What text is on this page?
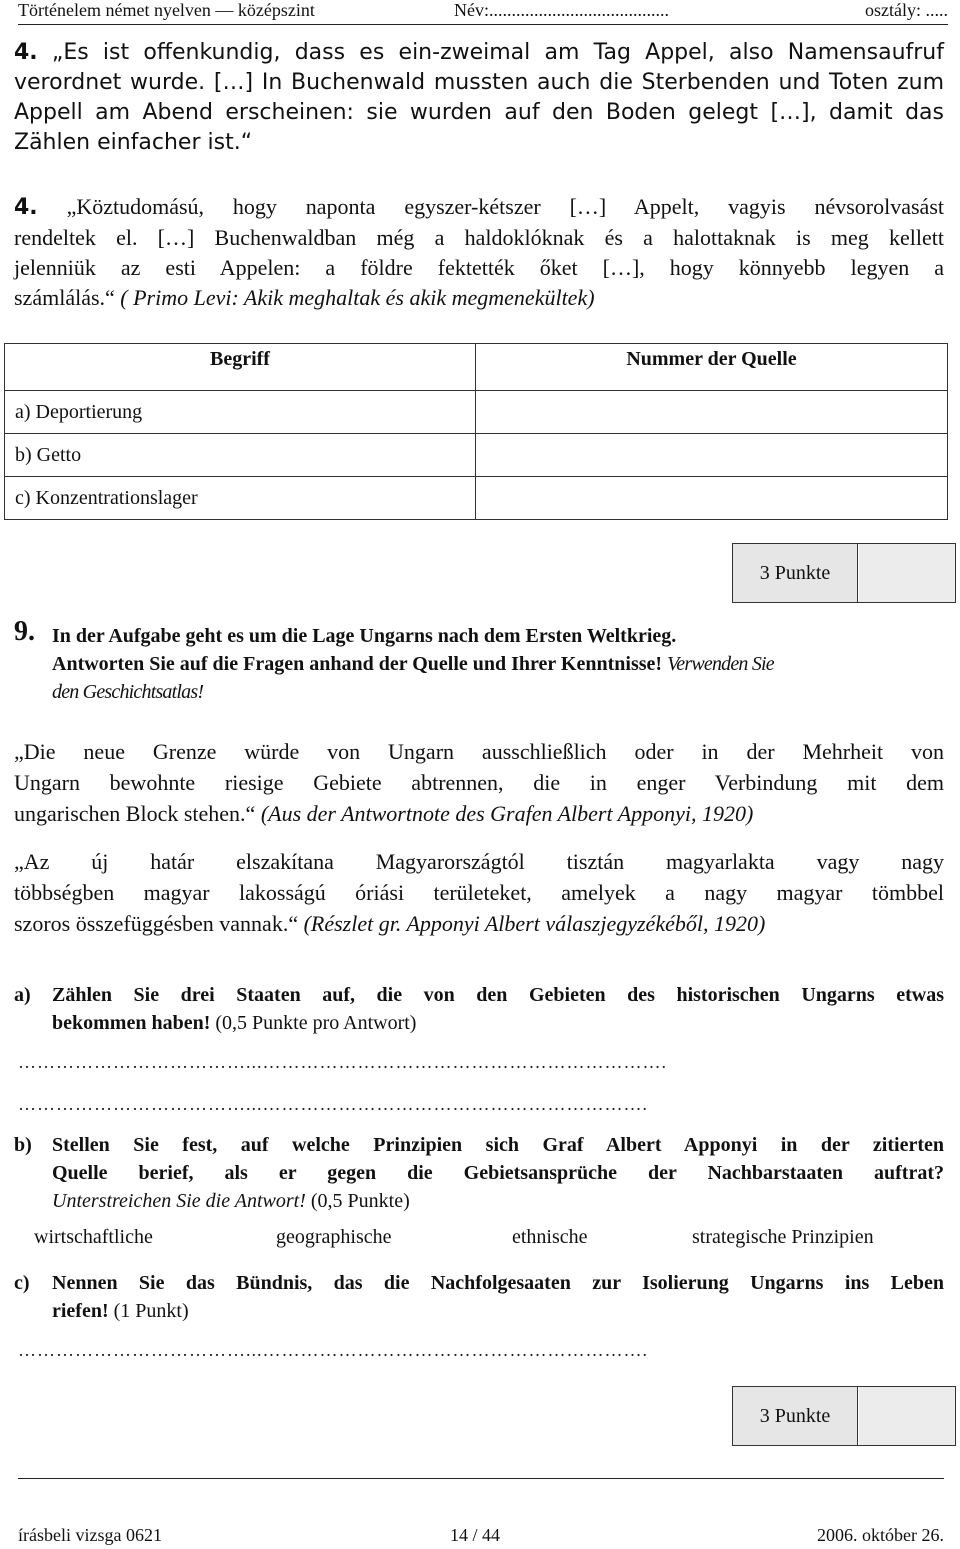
Történelem német nyelven — középszint	Név:........................................	osztály: .....
4. „Es ist offenkundig, dass es ein-zweimal am Tag Appel, also Namensaufruf
verordnet wurde. […] In Buchenwald mussten auch die Sterbenden und Toten zum
Appell am Abend erscheinen: sie wurden auf den Boden gelegt […], damit das
Zählen einfacher ist.“
4. „Köztudomású, hogy naponta egyszer-kétszer […] Appelt, vagyis névsorolvasást
rendeltek el. […] Buchenwaldban még a haldoklóknak és a halottaknak is meg kellett
jelenniük az esti Appelen: a földre fektették őket […], hogy könnyebb legyen a
számlálás.“ ( Primo Levi: Akik meghaltak és akik megmenekültek)
Begriff	Nummer der Quelle
a) Deportierung	
b) Getto	
c) Konzentrationslager	
3 Punkte
9. In der Aufgabe geht es um die Lage Ungarns nach dem Ersten Weltkrieg.
Antworten Sie auf die Fragen anhand der Quelle und Ihrer Kenntnisse! Verwenden Sie
den Geschichtsatlas!
„Die neue Grenze würde von Ungarn ausschließlich oder in der Mehrheit von
Ungarn bewohnte riesige Gebiete abtrennen, die in enger Verbindung mit dem
ungarischen Block stehen.“ (Aus der Antwortnote des Grafen Albert Apponyi, 1920)
„Az új határ elszakítana Magyarországtól tisztán magyarlakta vagy nagy
többségben magyar lakosságú óriási területeket, amelyek a nagy magyar tömbbel
szoros összefüggésben vannak.“ (Részlet gr. Apponyi Albert válaszjegyzékéből, 1920)
a) Zählen Sie drei Staaten auf, die von den Gebieten des historischen Ungarns etwas
bekommen haben! (0,5 Punkte pro Antwort)
………………………………...……………………………………………………….
………………………………...…………………………………………………….
b) Stellen Sie fest, auf welche Prinzipien sich Graf Albert Apponyi in der zitierten
Quelle berief, als er gegen die Gebietsansprüche der Nachbarstaaten auftrat?
Unterstreichen Sie die Antwort! (0,5 Punkte)
wirtschaftliche	geographische	ethnische	strategische Prinzipien
c) Nennen Sie das Bündnis, das die Nachfolgesaaten zur Isolierung Ungarns ins Leben
riefen! (1 Punkt)
………………………………...…………………………………………………….
3 Punkte
írásbeli vizsga 0621	14 / 44	2006. október 26.
